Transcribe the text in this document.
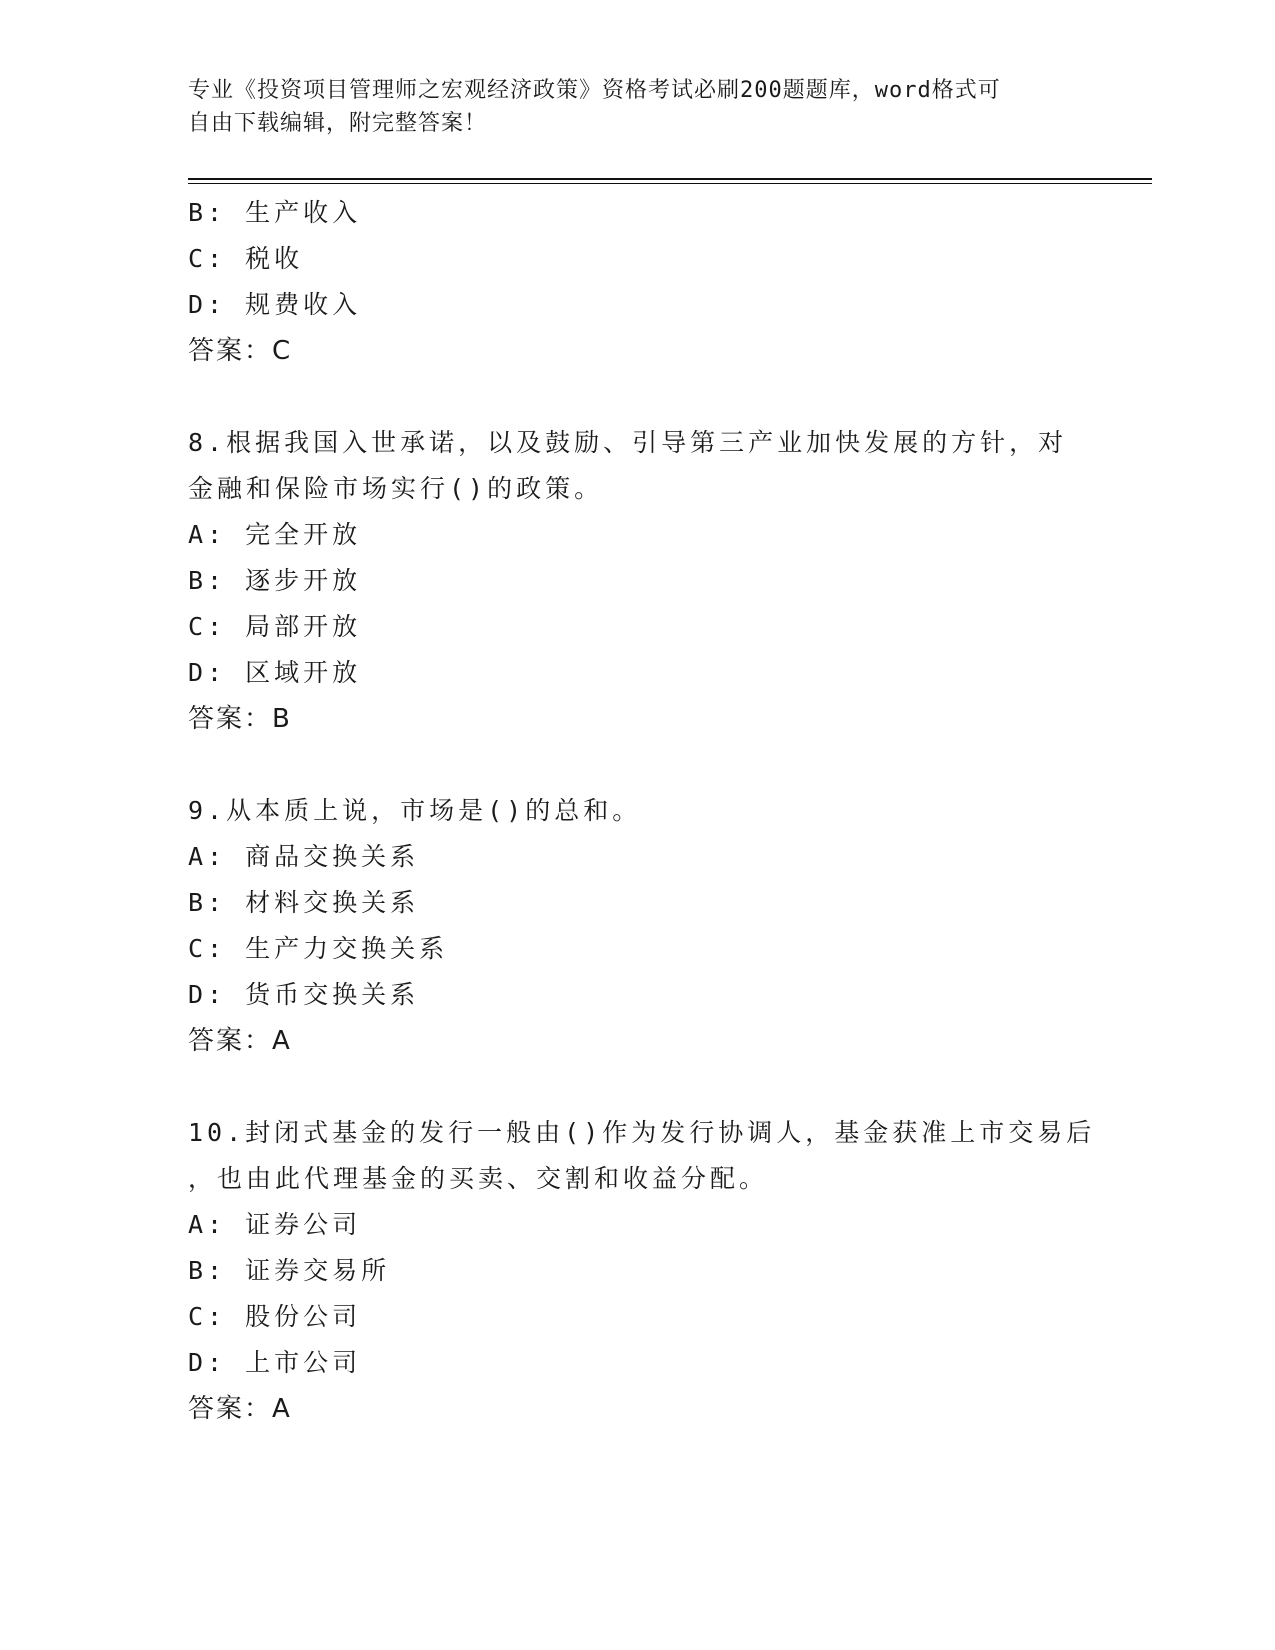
专业《投资项目管理师之宏观经济政策》资格考试必刷200题题库，word格式可
自由下载编辑，附完整答案！
B: 生产收入
C: 税收
D: 规费收入
答案：C
8.根据我国入世承诺，以及鼓励、引导第三产业加快发展的方针，对
金融和保险市场实行()的政策。
A: 完全开放
B: 逐步开放
C: 局部开放
D: 区域开放
答案：B
9.从本质上说，市场是()的总和。
A: 商品交换关系
B: 材料交换关系
C: 生产力交换关系
D: 货币交换关系
答案：A
10.封闭式基金的发行一般由()作为发行协调人，基金获准上市交易后
，也由此代理基金的买卖、交割和收益分配。
A: 证券公司
B: 证券交易所
C: 股份公司
D: 上市公司
答案：A
